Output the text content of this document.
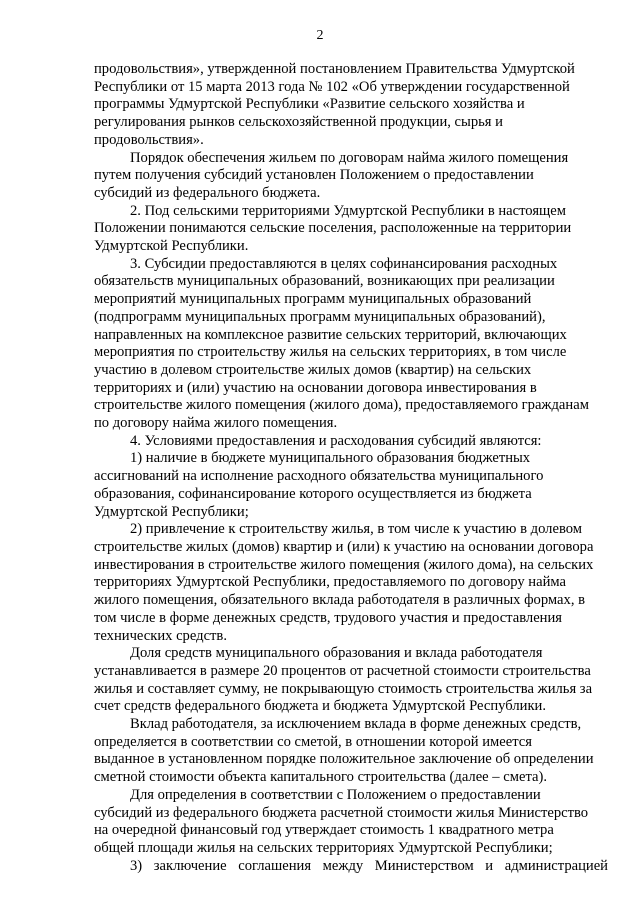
2

продовольствия», утвержденной постановлением Правительства Удмуртской
Республики от 15 марта 2013 года № 102 «Об утверждении государственной
программы Удмуртской Республики «Развитие сельского хозяйства и
регулирования рынков сельскохозяйственной продукции, сырья и
продовольствия».

Порядок обеспечения жильем по договорам найма жилого помещения
путем получения субсидий установлен Положением о предоставлении
субсидий из федерального бюджета.

2. Под сельскими территориями Удмуртской Республики в настоящем
Положении понимаются сельские поселения, расположенные на территории
Удмуртской Республики.

3. Субсидии предоставляются в целях софинансирования расходных
обязательств муниципальных образований, возникающих при реализации
мероприятий муниципальных программ муниципальных образований
(подпрограмм муниципальных программ муниципальных образований),
направленных на комплексное развитие сельских территорий, включающих
мероприятия по строительству жилья на сельских территориях, в том числе
участию в долевом строительстве жилых домов (квартир) на сельских
территориях и (или) участию на основании договора инвестирования в
строительстве жилого помещения (жилого дома), предоставляемого гражданам
по договору найма жилого помещения.

4. Условиями предоставления и расходования субсидий являются:

1) наличие в бюджете муниципального образования бюджетных
ассигнований на исполнение расходного обязательства муниципального
образования, софинансирование которого осуществляется из бюджета
Удмуртской Республики;

2) привлечение к строительству жилья, в том числе к участию в долевом
строительстве жилых (домов) квартир и (или) к участию на основании договора
инвестирования в строительстве жилого помещения (жилого дома), на сельских
территориях Удмуртской Республики, предоставляемого по договору найма
жилого помещения, обязательного вклада работодателя в различных формах, в
том числе в форме денежных средств, трудового участия и предоставления
технических средств.

Доля средств муниципального образования и вклада работодателя
устанавливается в размере 20 процентов от расчетной стоимости строительства
жилья и составляет сумму, не покрывающую стоимость строительства жилья за
счет средств федерального бюджета и бюджета Удмуртской Республики.

Вклад работодателя, за исключением вклада в форме денежных средств,
определяется в соответствии со сметой, в отношении которой имеется
выданное в установленном порядке положительное заключение об определении
сметной стоимости объекта капитального строительства (далее – смета).

Для определения в соответствии с Положением о предоставлении
субсидий из федерального бюджета расчетной стоимости жилья Министерство
на очередной финансовый год утверждает стоимость 1 квадратного метра
общей площади жилья на сельских территориях Удмуртской Республики;

3) заключение соглашения между Министерством и администрацией
